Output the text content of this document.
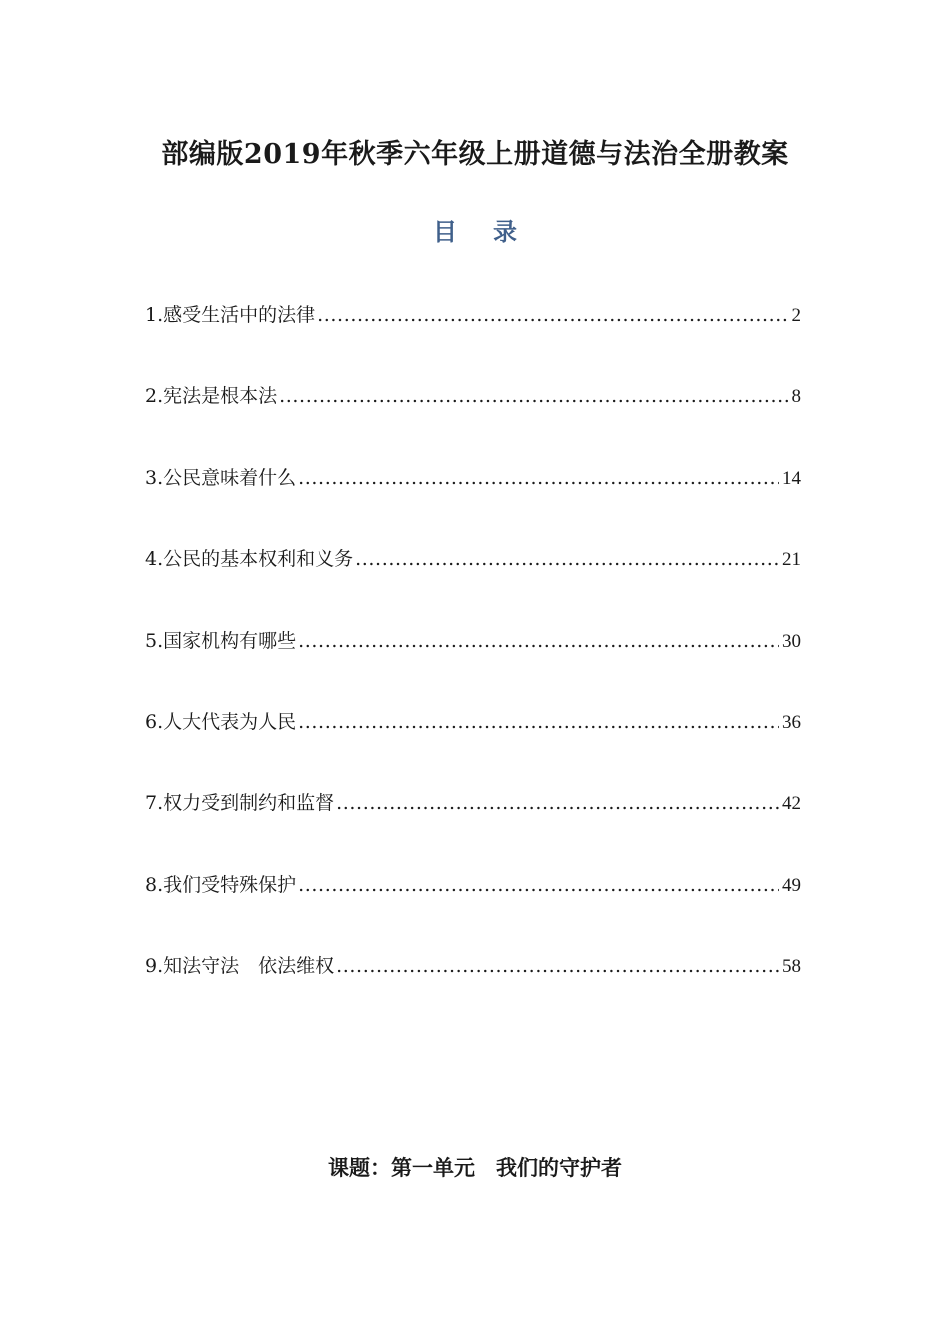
部编版2019年秋季六年级上册道德与法治全册教案
目录
1.感受生活中的法律 .....	2
2.宪法是根本法 .....	8
3.公民意味着什么 .....	14
4.公民的基本权利和义务 .....	21
5.国家机构有哪些 .....	30
6.人大代表为人民 .....	36
7.权力受到制约和监督 .....	42
8.我们受特殊保护 .....	49
9.知法守法　依法维权 .....	58
课题：第一单元　我们的守护者
